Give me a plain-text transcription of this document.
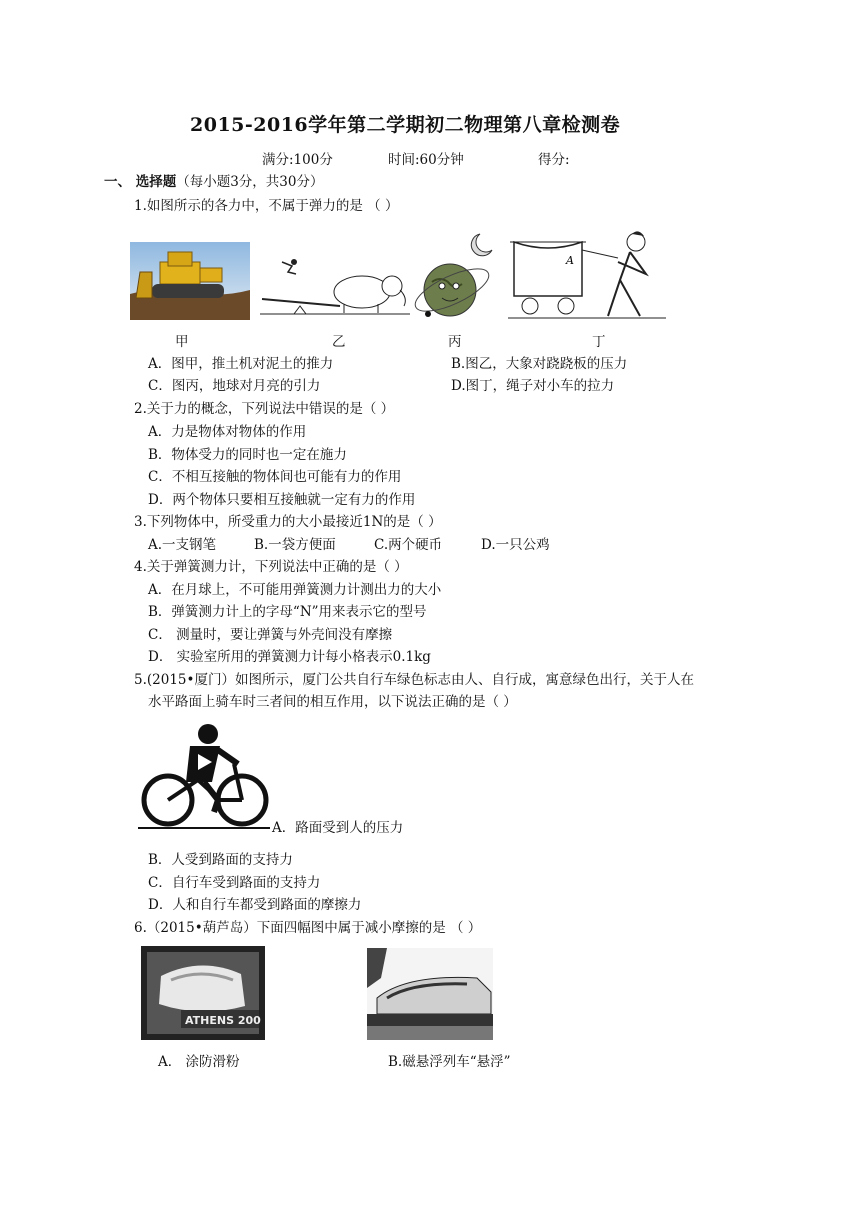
2015-2016学年第二学期初二物理第八章检测卷
满分:100分	时间:60分钟	得分:
一、 选择题（每小题3分，共30分）
1.如图所示的各力中，不属于弹力的是 （ ）
A
甲	乙	丙	丁
A．图甲，推土机对泥土的推力	B.图乙，大象对跷跷板的压力
C．图丙，地球对月亮的引力	D.图丁，绳子对小车的拉力
2.关于力的概念，下列说法中错误的是（ ）
A．力是物体对物体的作用
B．物体受力的同时也一定在施力
C．不相互接触的物体间也可能有力的作用
D．两个物体只要相互接触就一定有力的作用
3.下列物体中，所受重力的大小最接近1N的是（ ）
A.一支钢笔	B.一袋方便面	C.两个硬币	D.一只公鸡
4.关于弹簧测力计，下列说法中正确的是（ ）
A．在月球上，不可能用弹簧测力计测出力的大小
B．弹簧测力计上的字母“N”用来表示它的型号
C． 测量时，要让弹簧与外壳间没有摩擦
D． 实验室所用的弹簧测力计每小格表示0.1kg
5.(2015•厦门）如图所示，厦门公共自行车绿色标志由人、自行成，寓意绿色出行，关于人在
水平路面上骑车时三者间的相互作用，以下说法正确的是（ ）
A．路面受到人的压力
B．人受到路面的支持力
C．自行车受到路面的支持力
D．人和自行车都受到路面的摩擦力
6.（2015•葫芦岛）下面四幅图中属于减小摩擦的是 （ ）
ATHENS 200
A． 涂防滑粉	B.磁悬浮列车“悬浮”
